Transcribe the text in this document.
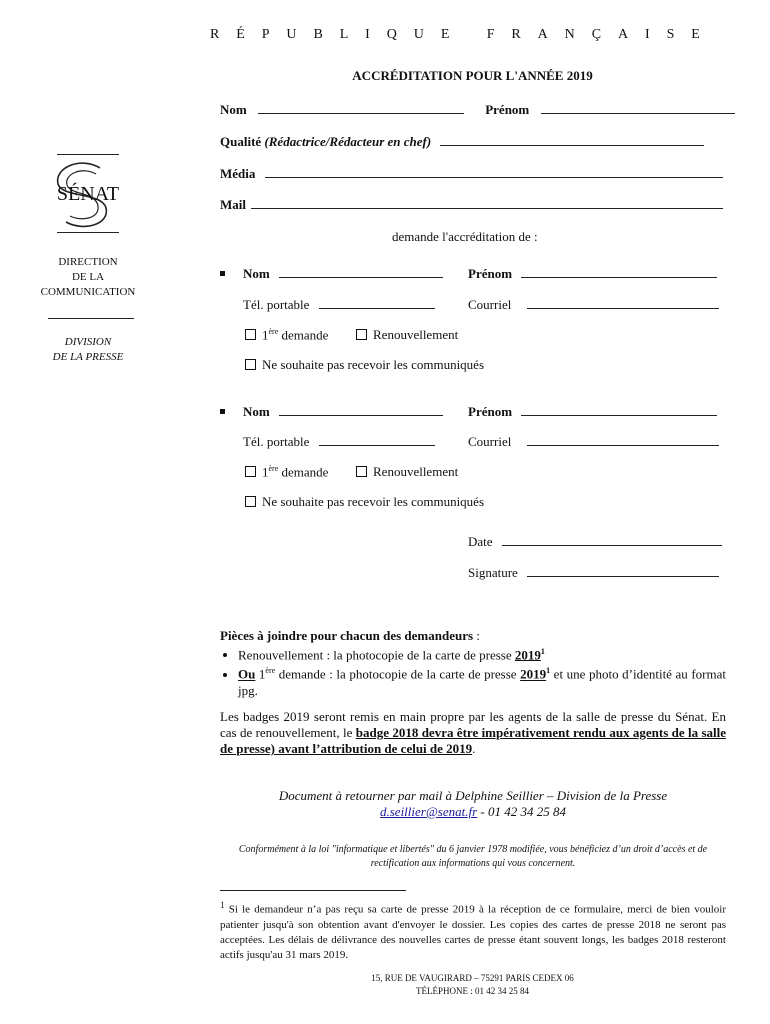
R É P U B L I Q U E
	F R A N Ç A I S E
ACCRÉDITATION POUR L'ANNÉE 2019
SÉNAT
DIRECTION
DE LA
COMMUNICATION
DIVISION
DE LA PRESSE
Nom	Prénom
Qualité (Rédactrice/Rédacteur en chef)
Média
Mail
demande l'accréditation de :
Nom	Prénom
Tél. portable	Courriel
1ère demande	Renouvellement
Ne souhaite pas recevoir les communiqués
Nom	Prénom
Tél. portable	Courriel
1ère demande	Renouvellement
Ne souhaite pas recevoir les communiqués
Date
Signature
Pièces à joindre pour chacun des demandeurs :
• Renouvellement : la photocopie de la carte de presse 2019$^1$
• Ou 1ère demande : la photocopie de la carte de presse 2019$^1$ et une photo d’identité au format jpg.
Les badges 2019 seront remis en main propre par les agents de la salle de presse du Sénat. En cas de renouvellement, le badge 2018 devra être impérativement rendu aux agents de la salle de presse) avant l’attribution de celui de 2019.
Document à retourner par mail à Delphine Seillier – Division de la Presse
d.seillier@senat.fr - 01 42 34 25 84
Conformément à la loi "informatique et libertés" du 6 janvier 1978 modifiée, vous bénéficiez d’un droit d’accès et de rectification aux informations qui vous concernent.
$^1$ Si le demandeur n’a pas reçu sa carte de presse 2019 à la réception de ce formulaire, merci de bien vouloir patienter jusqu'à son obtention avant d'envoyer le dossier. Les copies des cartes de presse 2018 ne seront pas acceptées. Les délais de délivrance des nouvelles cartes de presse étant souvent longs, les badges 2018 resteront actifs jusqu'au 31 mars 2019.
15, RUE DE VAUGIRARD – 75291 PARIS CEDEX 06
TÉLÉPHONE : 01 42 34 25 84
